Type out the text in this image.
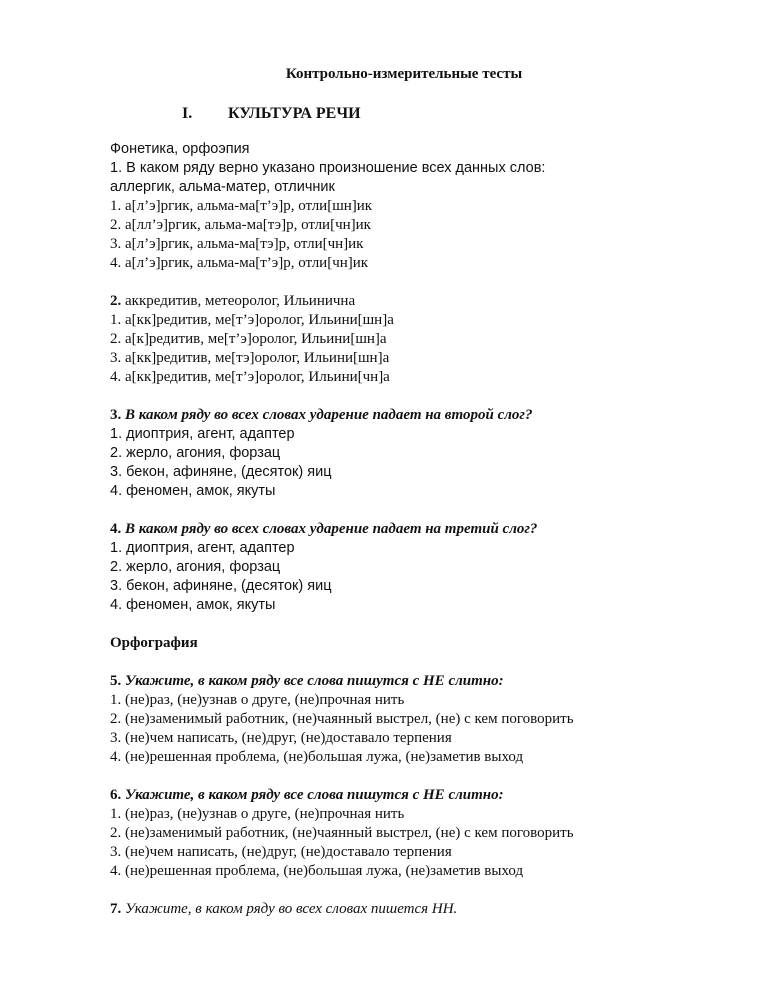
Контрольно-измерительные тесты
I. КУЛЬТУРА РЕЧИ
Фонетика, орфоэпия
1. В каком ряду верно указано произношение всех данных слов:
аллергик, альма-матер, отличник
1. а[л’э]ргик, альма-ма[т’э]р, отли[шн]ик
2. а[лл’э]ргик, альма-ма[тэ]р, отли[чн]ик
3. а[л’э]ргик, альма-ма[тэ]р, отли[чн]ик
4. а[л’э]ргик, альма-ма[т’э]р, отли[чн]ик
2. аккредитив, метеоролог, Ильинична
1. а[кк]редитив, ме[т’э]оролог, Ильини[шн]а
2. а[к]редитив, ме[т’э]оролог, Ильини[шн]а
3. а[кк]редитив, ме[тэ]оролог, Ильини[шн]а
4. а[кк]редитив, ме[т’э]оролог, Ильини[чн]а
3. В каком ряду во всех словах ударение падает на второй слог?
1. диоптрия, агент, адаптер
2. жерло, агония, форзац
3. бекон, афиняне, (десяток) яиц
4. феномен, амок, якуты
4. В каком ряду во всех словах ударение падает на третий слог?
1. диоптрия, агент, адаптер
2. жерло, агония, форзац
3. бекон, афиняне, (десяток) яиц
4. феномен, амок, якуты
Орфография
5. Укажите, в каком ряду все слова пишутся с НЕ слитно:
1. (не)раз, (не)узнав о друге, (не)прочная нить
2. (не)заменимый работник, (не)чаянный выстрел, (не) с кем поговорить
3. (не)чем написать, (не)друг, (не)доставало терпения
4. (не)решенная проблема, (не)большая лужа, (не)заметив выход
6. Укажите, в каком ряду все слова пишутся с НЕ слитно:
1. (не)раз, (не)узнав о друге, (не)прочная нить
2. (не)заменимый работник, (не)чаянный выстрел, (не) с кем поговорить
3. (не)чем написать, (не)друг, (не)доставало терпения
4. (не)решенная проблема, (не)большая лужа, (не)заметив выход
7. Укажите, в каком ряду во всех словах пишется НН.
